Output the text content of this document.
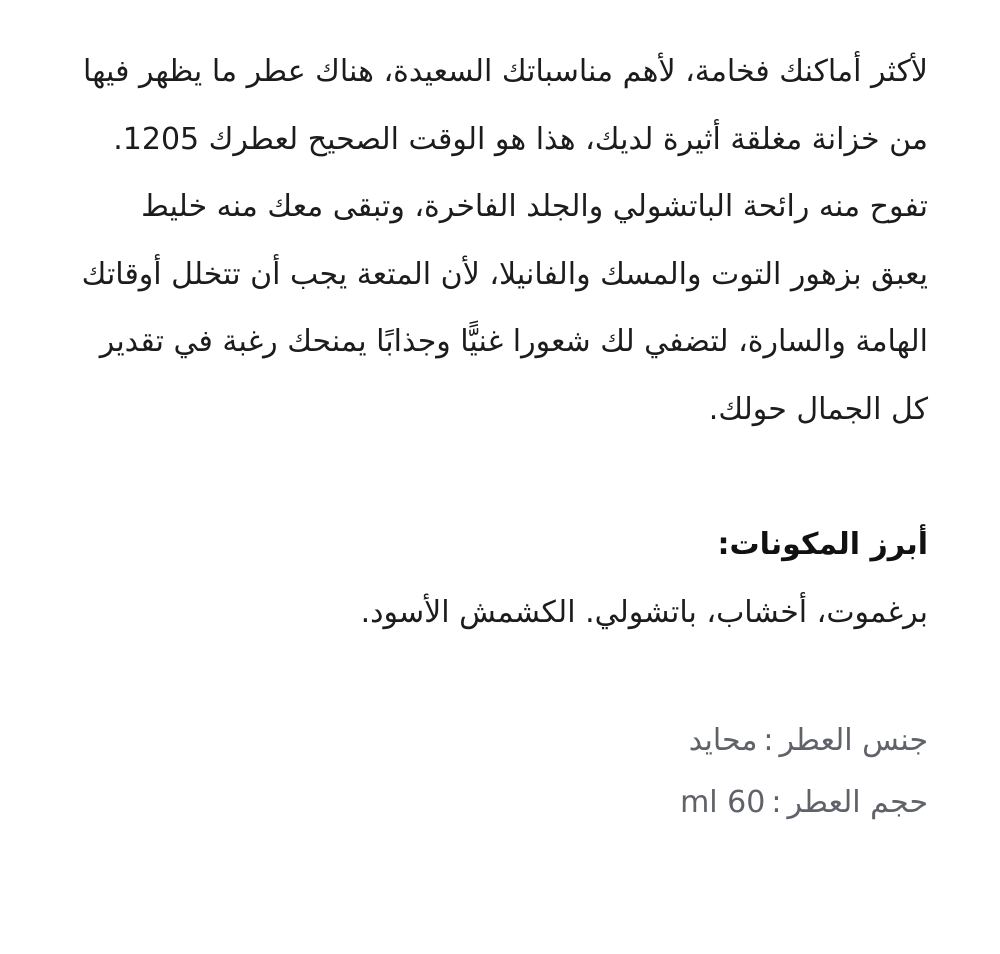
لأكثر أماكنك فخامة، لأهم مناسباتك السعيدة، هناك عطر ما يظهر فيها من خزانة مغلقة أثيرة لديك، هذا هو الوقت الصحيح لعطرك 1205.

تفوح منه رائحة الباتشولي والجلد الفاخرة، وتبقى معك منه خليط يعبق بزهور التوت والمسك والفانيلا، لأن المتعة يجب أن تتخلل أوقاتك الهامة والسارة، لتضفي لك شعورا غنيًّا وجذابًا يمنحك رغبة في تقدير كل الجمال حولك.

أبرز المكونات:

برغموت، أخشاب، باتشولي. الكشمش الأسود.

جنس العطر:محايد

حجم العطر:ml 60
